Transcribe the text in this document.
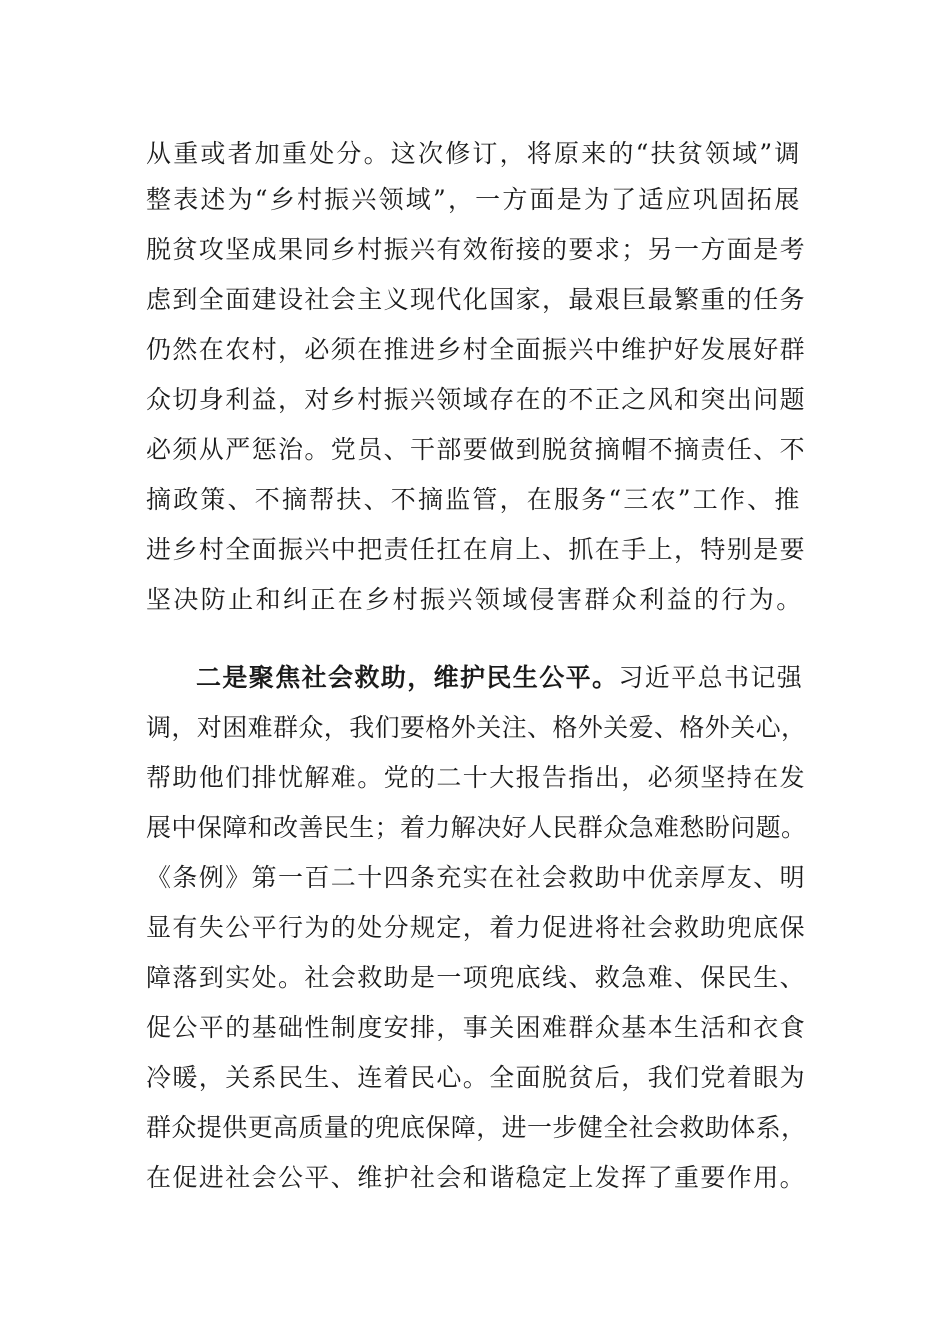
从重或者加重处分。这次修订，将原来的“扶贫领域”调
整表述为“乡村振兴领域”，一方面是为了适应巩固拓展
脱贫攻坚成果同乡村振兴有效衔接的要求；另一方面是考
虑到全面建设社会主义现代化国家，最艰巨最繁重的任务
仍然在农村，必须在推进乡村全面振兴中维护好发展好群
众切身利益，对乡村振兴领域存在的不正之风和突出问题
必须从严惩治。党员、干部要做到脱贫摘帽不摘责任、不
摘政策、不摘帮扶、不摘监管，在服务“三农”工作、推
进乡村全面振兴中把责任扛在肩上、抓在手上，特别是要
坚决防止和纠正在乡村振兴领域侵害群众利益的行为。
二是聚焦社会救助，维护民生公平。习近平总书记强
调，对困难群众，我们要格外关注、格外关爱、格外关心，
帮助他们排忧解难。党的二十大报告指出，必须坚持在发
展中保障和改善民生；着力解决好人民群众急难愁盼问题。
《条例》第一百二十四条充实在社会救助中优亲厚友、明
显有失公平行为的处分规定，着力促进将社会救助兜底保
障落到实处。社会救助是一项兜底线、救急难、保民生、
促公平的基础性制度安排，事关困难群众基本生活和衣食
冷暖，关系民生、连着民心。全面脱贫后，我们党着眼为
群众提供更高质量的兜底保障，进一步健全社会救助体系，
在促进社会公平、维护社会和谐稳定上发挥了重要作用。
